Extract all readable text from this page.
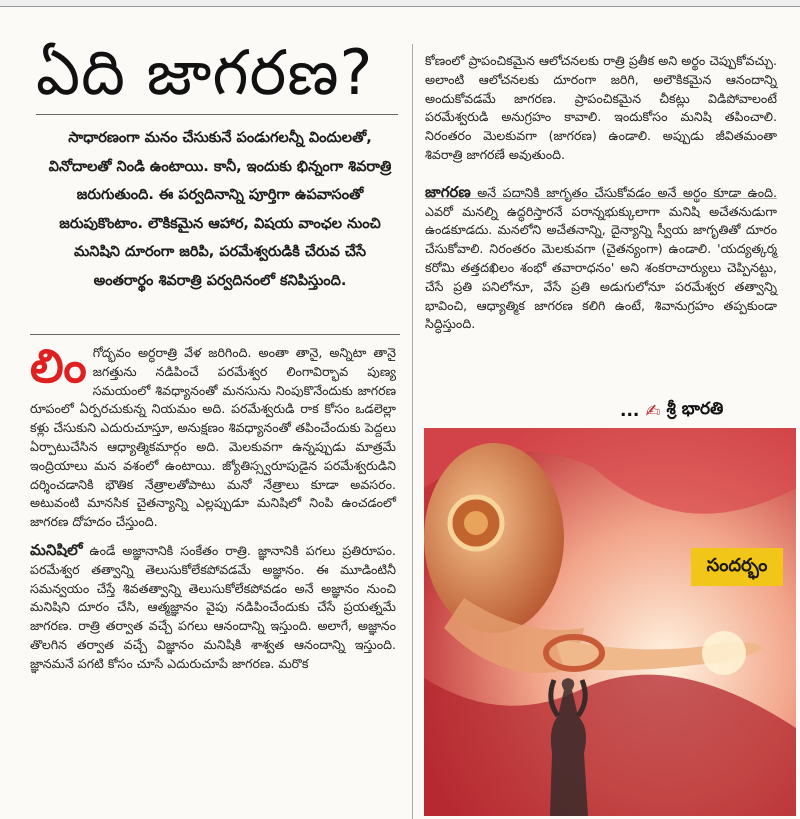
ఏది జాగరణ?
సాధారణంగా మనం చేసుకునే పండుగలన్నీ విందులతో, వినోదాలతో నిండి ఉంటాయి. కానీ, ఇందుకు భిన్నంగా శివరాత్రి జరుగుతుంది. ఈ పర్వదినాన్ని పూర్తిగా ఉపవాసంతో జరుపుకొంటాం. లౌకికమైన ఆహార, విషయ వాంఛల నుంచి మనిషిని దూరంగా జరిపి, పరమేశ్వరుడికి చేరువ చేసే అంతరార్థం శివరాత్రి పర్వదినంలో కనిపిస్తుంది.

లిం గోద్భవం అర్ధరాత్రి వేళ జరిగింది. అంతా తానై, అన్నిటా తానై జగత్తును నడిపించే పరమేశ్వర లింగావిర్భావ పుణ్య సమయంలో శివధ్యానంతో మనసును నింపుకొనేందుకు జాగరణ రూపంలో ఏర్పరచుకున్న నియమం అది. పరమేశ్వరుడి రాక కోసం ఒడలెల్లా కళ్లు చేసుకుని ఎదురుచూస్తూ, అనుక్షణం శివధ్యానంతో తపించేందుకు పెద్దలు ఏర్పాటుచేసిన ఆధ్యాత్మికమార్గం అది. మెలకువగా ఉన్నప్పుడు మాత్రమే ఇంద్రియాలు మన వశంలో ఉంటాయి. జ్యోతిస్స్వరూపుడైన పరమేశ్వరుడిని దర్శించడానికి భౌతిక నేత్రాలతోపాటు మనో నేత్రాలు కూడా అవసరం. అటువంటి మానసిక చైతన్యాన్ని ఎల్లప్పుడూ మనిషిలో నింపి ఉంచడంలో జాగరణ దోహదం చేస్తుంది.

మనిషిలో ఉండే అజ్ఞానానికి సంకేతం రాత్రి. జ్ఞానానికి పగలు ప్రతిరూపం. పరమేశ్వర తత్వాన్ని తెలుసుకోలేకపోవడమే అజ్ఞానం. ఈ మూడింటినీ సమన్వయం చేస్తే శివతత్వాన్ని తెలుసుకోలేకపోవడం అనే అజ్ఞానం నుంచి మనిషిని దూరం చేసి, ఆత్మజ్ఞానం వైపు నడిపించేందుకు చేసే ప్రయత్నమే జాగరణ. రాత్రి తర్వాత వచ్చే పగలు ఆనందాన్ని ఇస్తుంది. అలాగే, అజ్ఞానం తొలగిన తర్వాత వచ్చే విజ్ఞానం మనిషికి శాశ్వత ఆనందాన్ని ఇస్తుంది. జ్ఞానమనే పగటి కోసం చూసే ఎదురుచూపే జాగరణ. మరొక

కోణంలో ప్రాపంచికమైన ఆలోచనలకు రాత్రి ప్రతీక అని అర్థం చెప్పుకోవచ్చు. అలాంటి ఆలోచనలకు దూరంగా జరిగి, అలౌకికమైన ఆనందాన్ని అందుకోవడమే జాగరణ. ప్రాపంచికమైన చీకట్లు విడిపోవాలంటే పరమేశ్వరుడి అనుగ్రహం కావాలి. ఇందుకోసం మనిషి తపించాలి. నిరంతరం మెలకువగా (జాగరణ) ఉండాలి. అప్పుడు జీవితమంతా శివరాత్రి జాగరణే అవుతుంది.

జాగరణ అనే పదానికి జాగృతం చేసుకోవడం అనే అర్థం కూడా ఉంది. ఎవరో మనల్ని ఉద్ధరిస్తారనే పరాన్నభుక్కులాగా మనిషి అచేతనుడుగా ఉండకూడదు. మనలోని అచేతనాన్ని, దైన్యాన్ని స్వీయ జాగృతితో దూరం చేసుకోవాలి. నిరంతరం మెలకువగా (చైతన్యంగా) ఉండాలి. 'యద్యత్కర్మ కరోమి తత్తదఖిలం శంభో తవారాధనం' అని శంకరాచార్యులు చెప్పినట్టు, చేసే ప్రతి పనిలోనూ, వేసే ప్రతి అడుగులోనూ పరమేశ్వర తత్వాన్ని భావించి, ఆధ్యాత్మిక జాగరణ కలిగి ఉంటే, శివానుగ్రహం తప్పకుండా సిద్ధిస్తుంది.

... ✍ శ్రీ భారతి
సందర్భం
